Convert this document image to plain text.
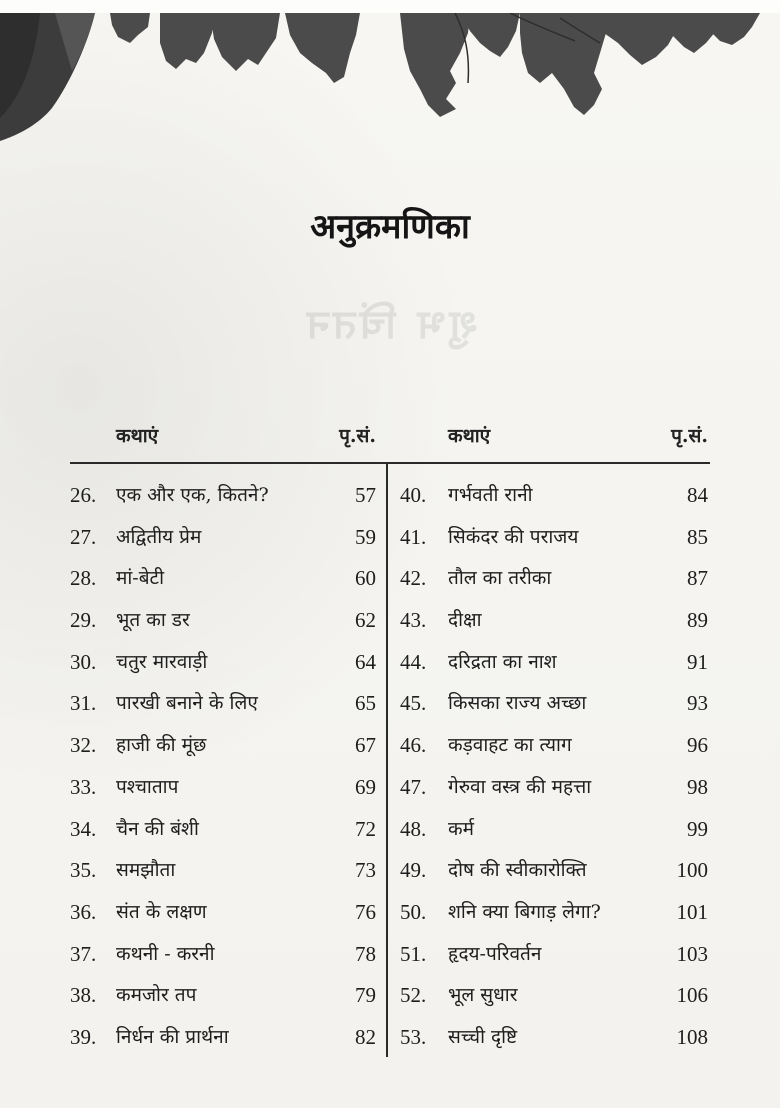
शुभ चिंतन
अनुक्रमणिका
कथाएं	पृ.सं.	कथाएं	पृ.सं.
26. एक और एक, कितने?	57
27. अद्वितीय प्रेम	59
28. मां-बेटी	60
29. भूत का डर	62
30. चतुर मारवाड़ी	64
31. पारखी बनाने के लिए	65
32. हाजी की मूंछ	67
33. पश्चाताप	69
34. चैन की बंशी	72
35. समझौता	73
36. संत के लक्षण	76
37. कथनी - करनी	78
38. कमजोर तप	79
39. निर्धन की प्रार्थना	82
40. गर्भवती रानी	84
41. सिकंदर की पराजय	85
42. तौल का तरीका	87
43. दीक्षा	89
44. दरिद्रता का नाश	91
45. किसका राज्य अच्छा	93
46. कड़वाहट का त्याग	96
47. गेरुवा वस्त्र की महत्ता	98
48. कर्म	99
49. दोष की स्वीकारोक्ति	100
50. शनि क्या बिगाड़ लेगा?	101
51. हृदय-परिवर्तन	103
52. भूल सुधार	106
53. सच्ची दृष्टि	108
